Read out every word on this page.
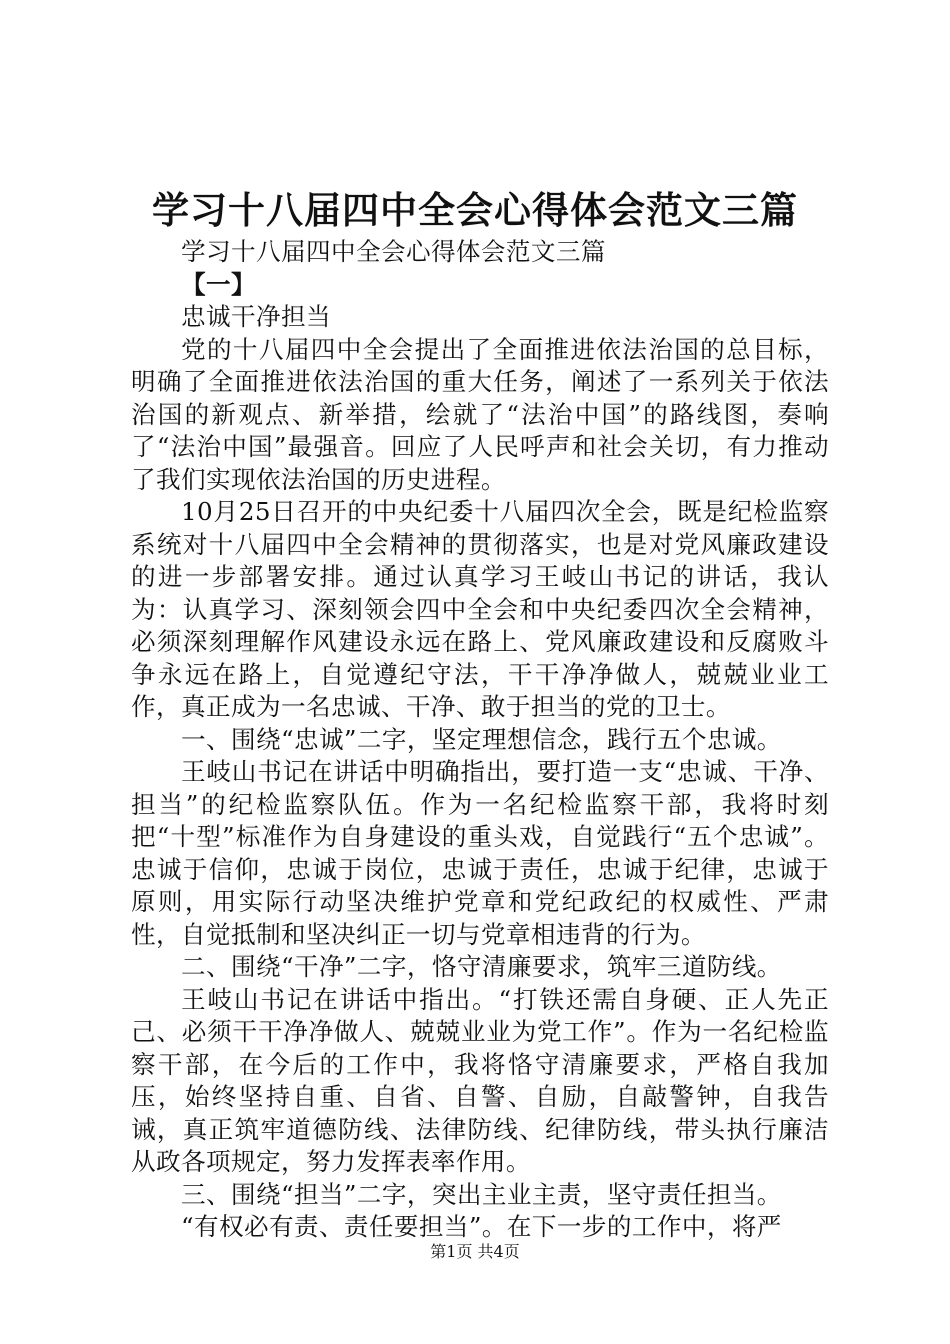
学习十八届四中全会心得体会范文三篇

学习十八届四中全会心得体会范文三篇

【一】

忠诚干净担当

党的十八届四中全会提出了全面推进依法治国的总目标，明确了全面推进依法治国的重大任务，阐述了一系列关于依法治国的新观点、新举措，绘就了“法治中国”的路线图，奏响了“法治中国”最强音。回应了人民呼声和社会关切，有力推动了我们实现依法治国的历史进程。

10月25日召开的中央纪委十八届四次全会，既是纪检监察系统对十八届四中全会精神的贯彻落实，也是对党风廉政建设的进一步部署安排。通过认真学习王岐山书记的讲话，我认为：认真学习、深刻领会四中全会和中央纪委四次全会精神，必须深刻理解作风建设永远在路上、党风廉政建设和反腐败斗争永远在路上，自觉遵纪守法，干干净净做人，兢兢业业工作，真正成为一名忠诚、干净、敢于担当的党的卫士。

一、围绕“忠诚”二字，坚定理想信念，践行五个忠诚。

王岐山书记在讲话中明确指出，要打造一支“忠诚、干净、担当”的纪检监察队伍。作为一名纪检监察干部，我将时刻把“十型”标准作为自身建设的重头戏，自觉践行“五个忠诚”。忠诚于信仰，忠诚于岗位，忠诚于责任，忠诚于纪律，忠诚于原则，用实际行动坚决维护党章和党纪政纪的权威性、严肃性，自觉抵制和坚决纠正一切与党章相违背的行为。

二、围绕“干净”二字，恪守清廉要求，筑牢三道防线。

王岐山书记在讲话中指出。“打铁还需自身硬、正人先正己、必须干干净净做人、兢兢业业为党工作”。作为一名纪检监察干部，在今后的工作中，我将恪守清廉要求，严格自我加压，始终坚持自重、自省、自警、自励，自敲警钟，自我告诫，真正筑牢道德防线、法律防线、纪律防线，带头执行廉洁从政各项规定，努力发挥表率作用。

三、围绕“担当”二字，突出主业主责，坚守责任担当。

“有权必有责、责任要担当”。在下一步的工作中，将严

第1页 共4页
